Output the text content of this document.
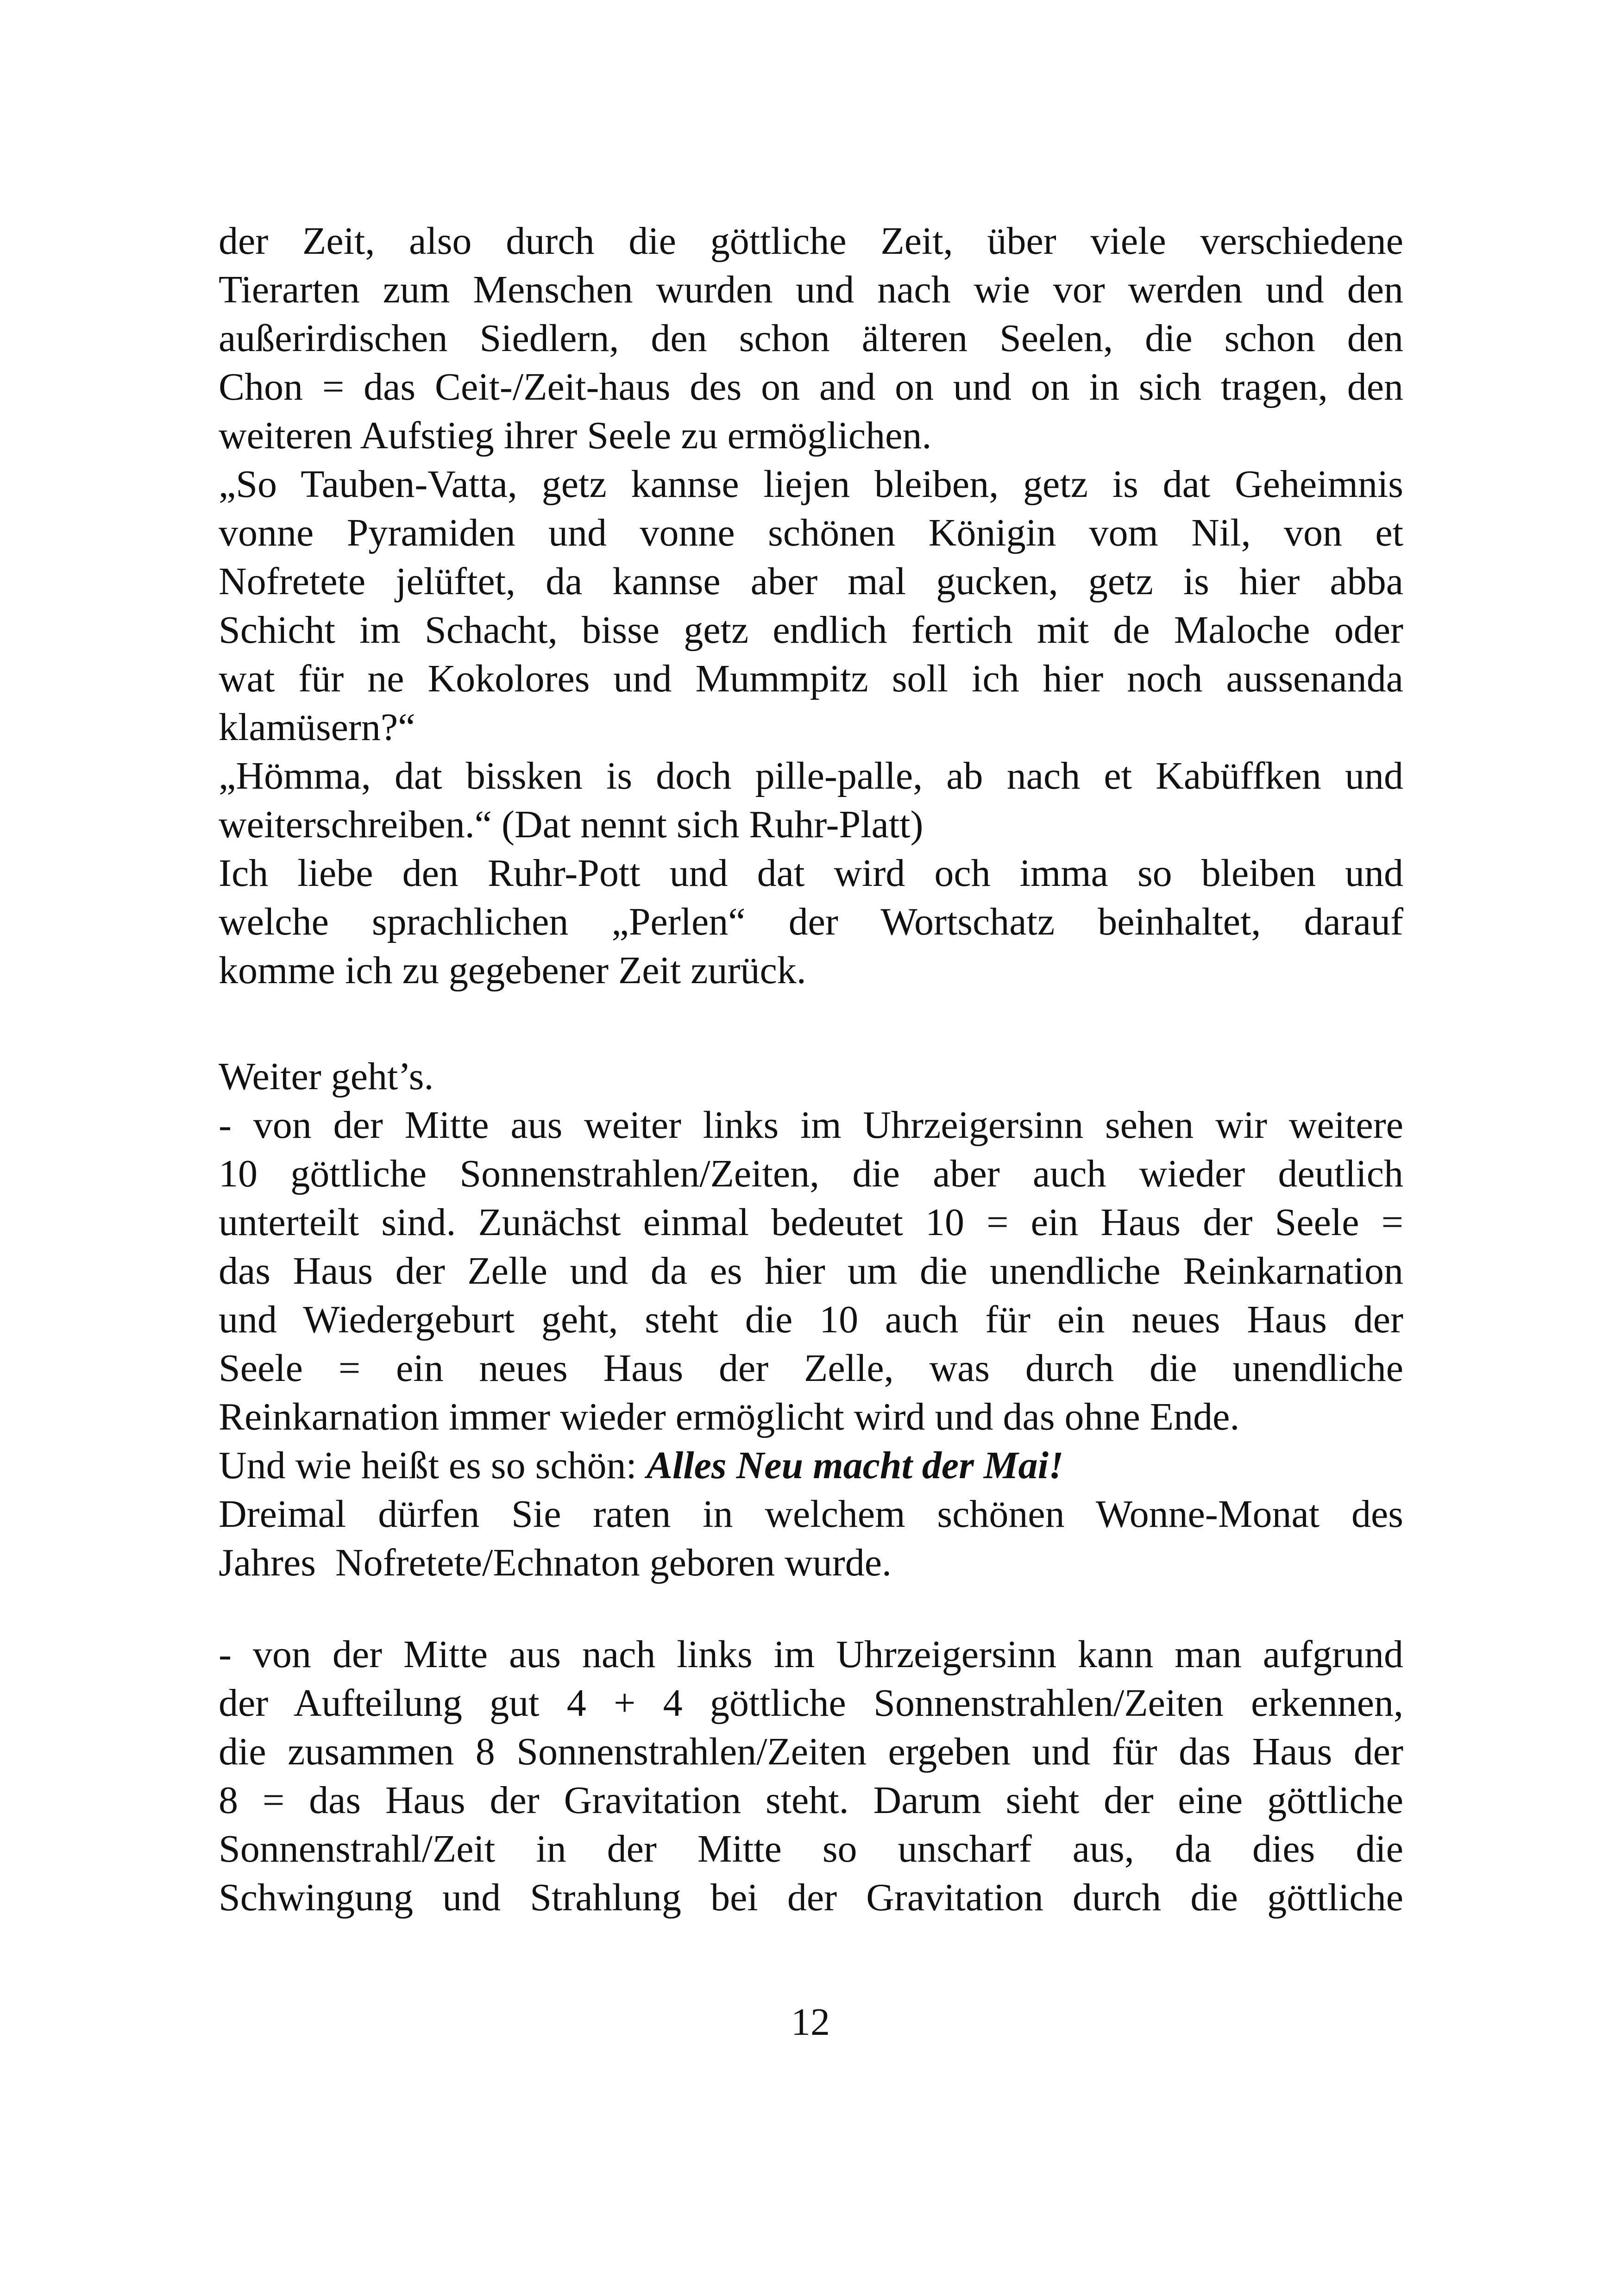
der Zeit, also durch die göttliche Zeit, über viele verschiedene
Tierarten zum Menschen wurden und nach wie vor werden und den
außerirdischen Siedlern, den schon älteren Seelen, die schon den
Chon = das Ceit-/Zeit-haus des on and on und on in sich tragen, den
weiteren Aufstieg ihrer Seele zu ermöglichen.

„So Tauben-Vatta, getz kannse liejen bleiben, getz is dat Geheimnis
vonne Pyramiden und vonne schönen Königin vom Nil, von et
Nofretete jelüftet, da kannse aber mal gucken, getz is hier abba
Schicht im Schacht, bisse getz endlich fertich mit de Maloche oder
wat für ne Kokolores und Mummpitz soll ich hier noch aussenanda
klamüsern?“

„Hömma, dat bissken is doch pille-palle, ab nach et Kabüffken und
weiterschreiben.“ (Dat nennt sich Ruhr-Platt)

Ich liebe den Ruhr-Pott und dat wird och imma so bleiben und
welche sprachlichen „Perlen“ der Wortschatz beinhaltet, darauf
komme ich zu gegebener Zeit zurück.

Weiter geht’s.

- von der Mitte aus weiter links im Uhrzeigersinn sehen wir weitere
10 göttliche Sonnenstrahlen/Zeiten, die aber auch wieder deutlich
unterteilt sind. Zunächst einmal bedeutet 10 = ein Haus der Seele =
das Haus der Zelle und da es hier um die unendliche Reinkarnation
und Wiedergeburt geht, steht die 10 auch für ein neues Haus der
Seele = ein neues Haus der Zelle, was durch die unendliche
Reinkarnation immer wieder ermöglicht wird und das ohne Ende.

Und wie heißt es so schön: Alles Neu macht der Mai!

Dreimal dürfen Sie raten in welchem schönen Wonne-Monat des
Jahres  Nofretete/Echnaton geboren wurde.

- von der Mitte aus nach links im Uhrzeigersinn kann man aufgrund
der Aufteilung gut 4 + 4 göttliche Sonnenstrahlen/Zeiten erkennen,
die zusammen 8 Sonnenstrahlen/Zeiten ergeben und für das Haus der
8 = das Haus der Gravitation steht. Darum sieht der eine göttliche
Sonnenstrahl/Zeit in der Mitte so unscharf aus, da dies die
Schwingung und Strahlung bei der Gravitation durch die göttliche

12
